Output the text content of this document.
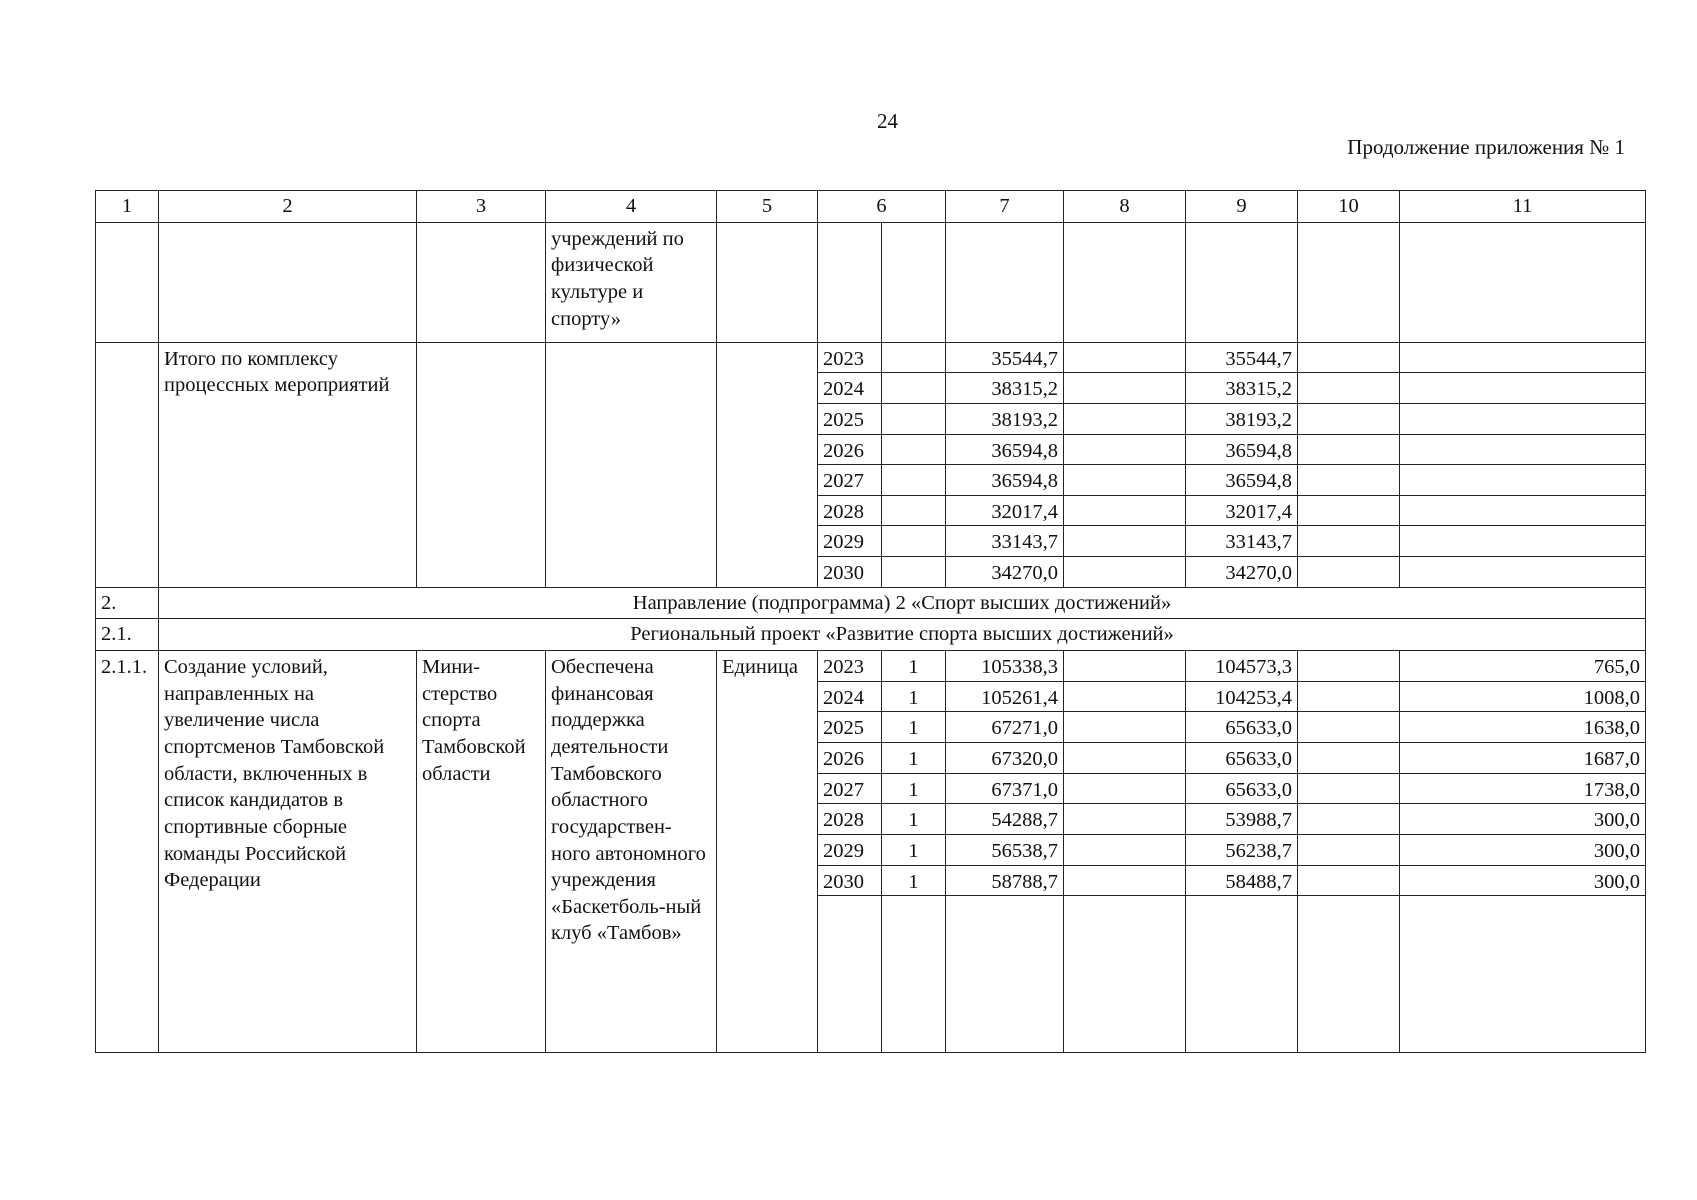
24
Продолжение приложения № 1
1	2	3	4	5	6		7	8	9	10	11
			учреждений по физической культуре и спорту»								
	Итого по комплексу процессных мероприятий				2023		35544,7		35544,7		
					2024		38315,2		38315,2		
					2025		38193,2		38193,2		
					2026		36594,8		36594,8		
					2027		36594,8		36594,8		
					2028		32017,4		32017,4		
					2029		33143,7		33143,7		
					2030		34270,0		34270,0		
2.	Направление (подпрограмма) 2 «Спорт высших достижений»										
2.1.	Региональный проект «Развитие спорта высших достижений»										
2.1.1.	Создание условий, направленных на увеличение числа спортсменов Тамбовской области, включенных в список кандидатов в спортивные сборные команды Российской Федерации	Мини-стерство спорта Тамбовской области	Обеспечена финансовая поддержка деятельности Тамбовского областного государствен-ного автономного учреждения «Баскетболь-ный клуб «Тамбов»	Единица	2023	1	105338,3		104573,3		765,0
					2024	1	105261,4		104253,4		1008,0
					2025	1	67271,0		65633,0		1638,0
					2026	1	67320,0		65633,0		1687,0
					2027	1	67371,0		65633,0		1738,0
					2028	1	54288,7		53988,7		300,0
					2029	1	56538,7		56238,7		300,0
					2030	1	58788,7		58488,7		300,0
